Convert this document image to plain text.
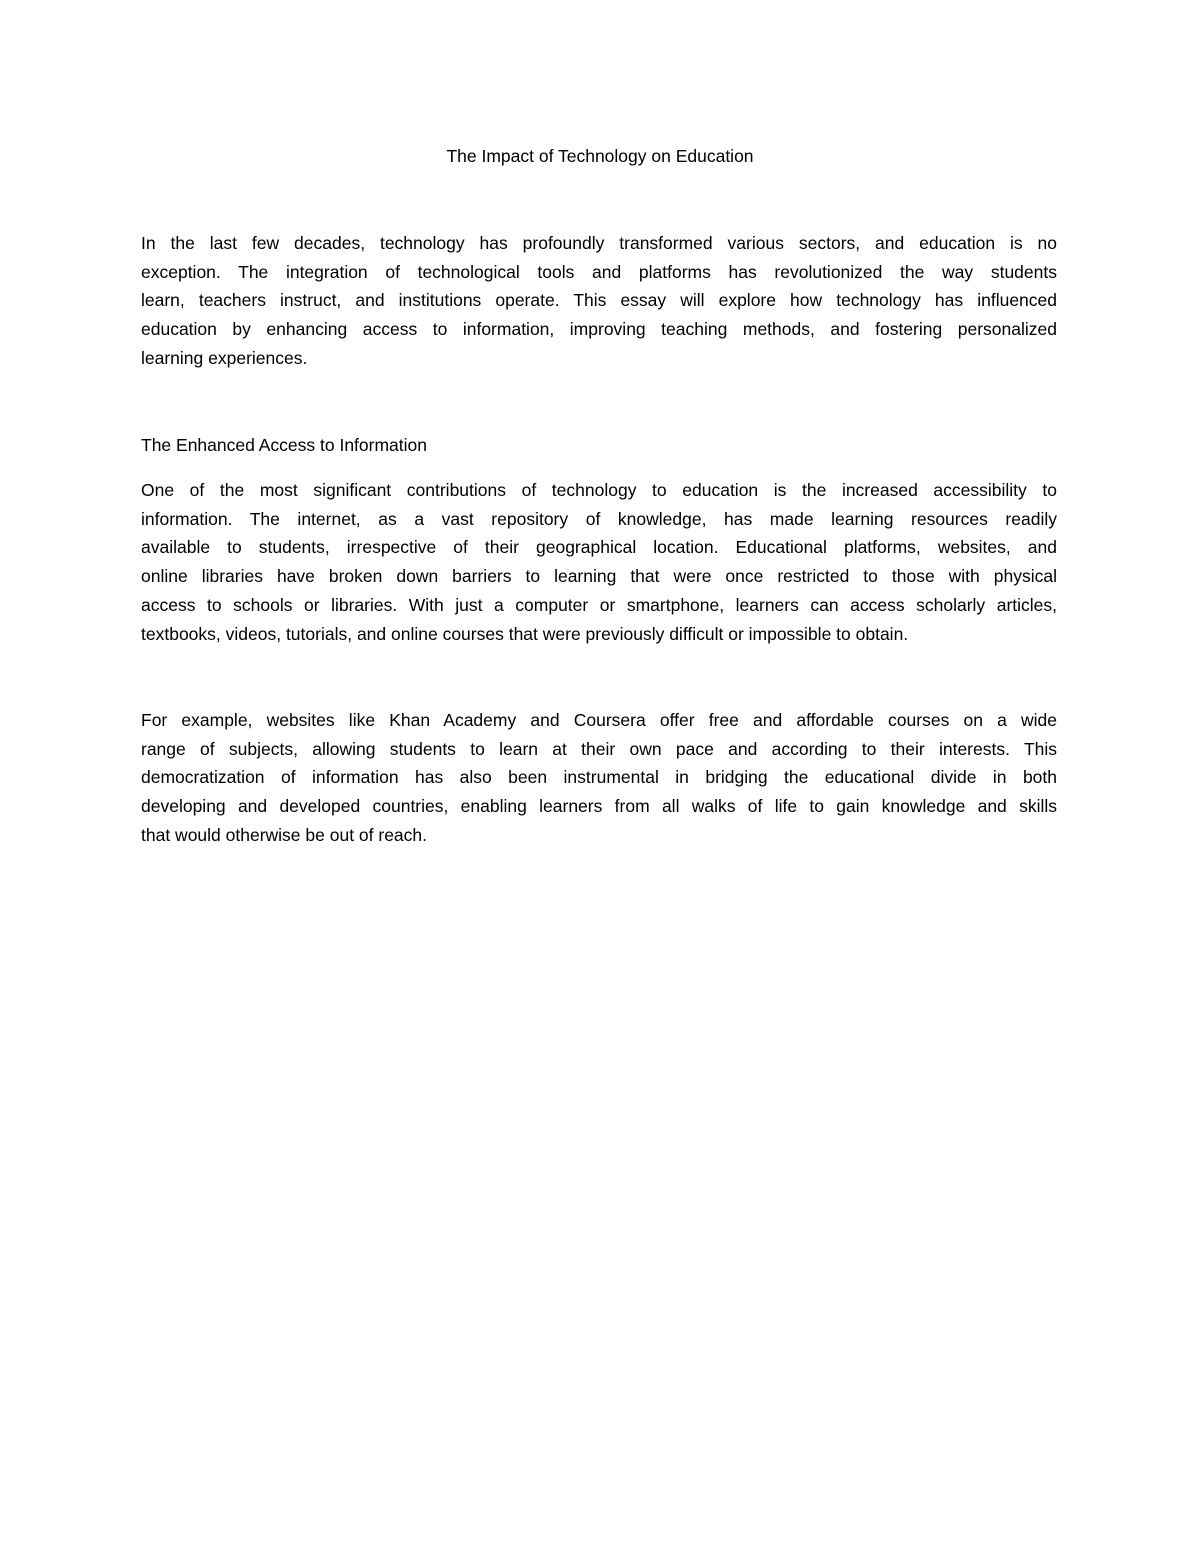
The Impact of Technology on Education

In the last few decades, technology has profoundly transformed various sectors, and education is no
exception. The integration of technological tools and platforms has revolutionized the way students
learn, teachers instruct, and institutions operate. This essay will explore how technology has influenced
education by enhancing access to information, improving teaching methods, and fostering personalized
learning experiences.

The Enhanced Access to Information

One of the most significant contributions of technology to education is the increased accessibility to
information. The internet, as a vast repository of knowledge, has made learning resources readily
available to students, irrespective of their geographical location. Educational platforms, websites, and
online libraries have broken down barriers to learning that were once restricted to those with physical
access to schools or libraries. With just a computer or smartphone, learners can access scholarly articles,
textbooks, videos, tutorials, and online courses that were previously difficult or impossible to obtain.

For example, websites like Khan Academy and Coursera offer free and affordable courses on a wide
range of subjects, allowing students to learn at their own pace and according to their interests. This
democratization of information has also been instrumental in bridging the educational divide in both
developing and developed countries, enabling learners from all walks of life to gain knowledge and skills
that would otherwise be out of reach.
